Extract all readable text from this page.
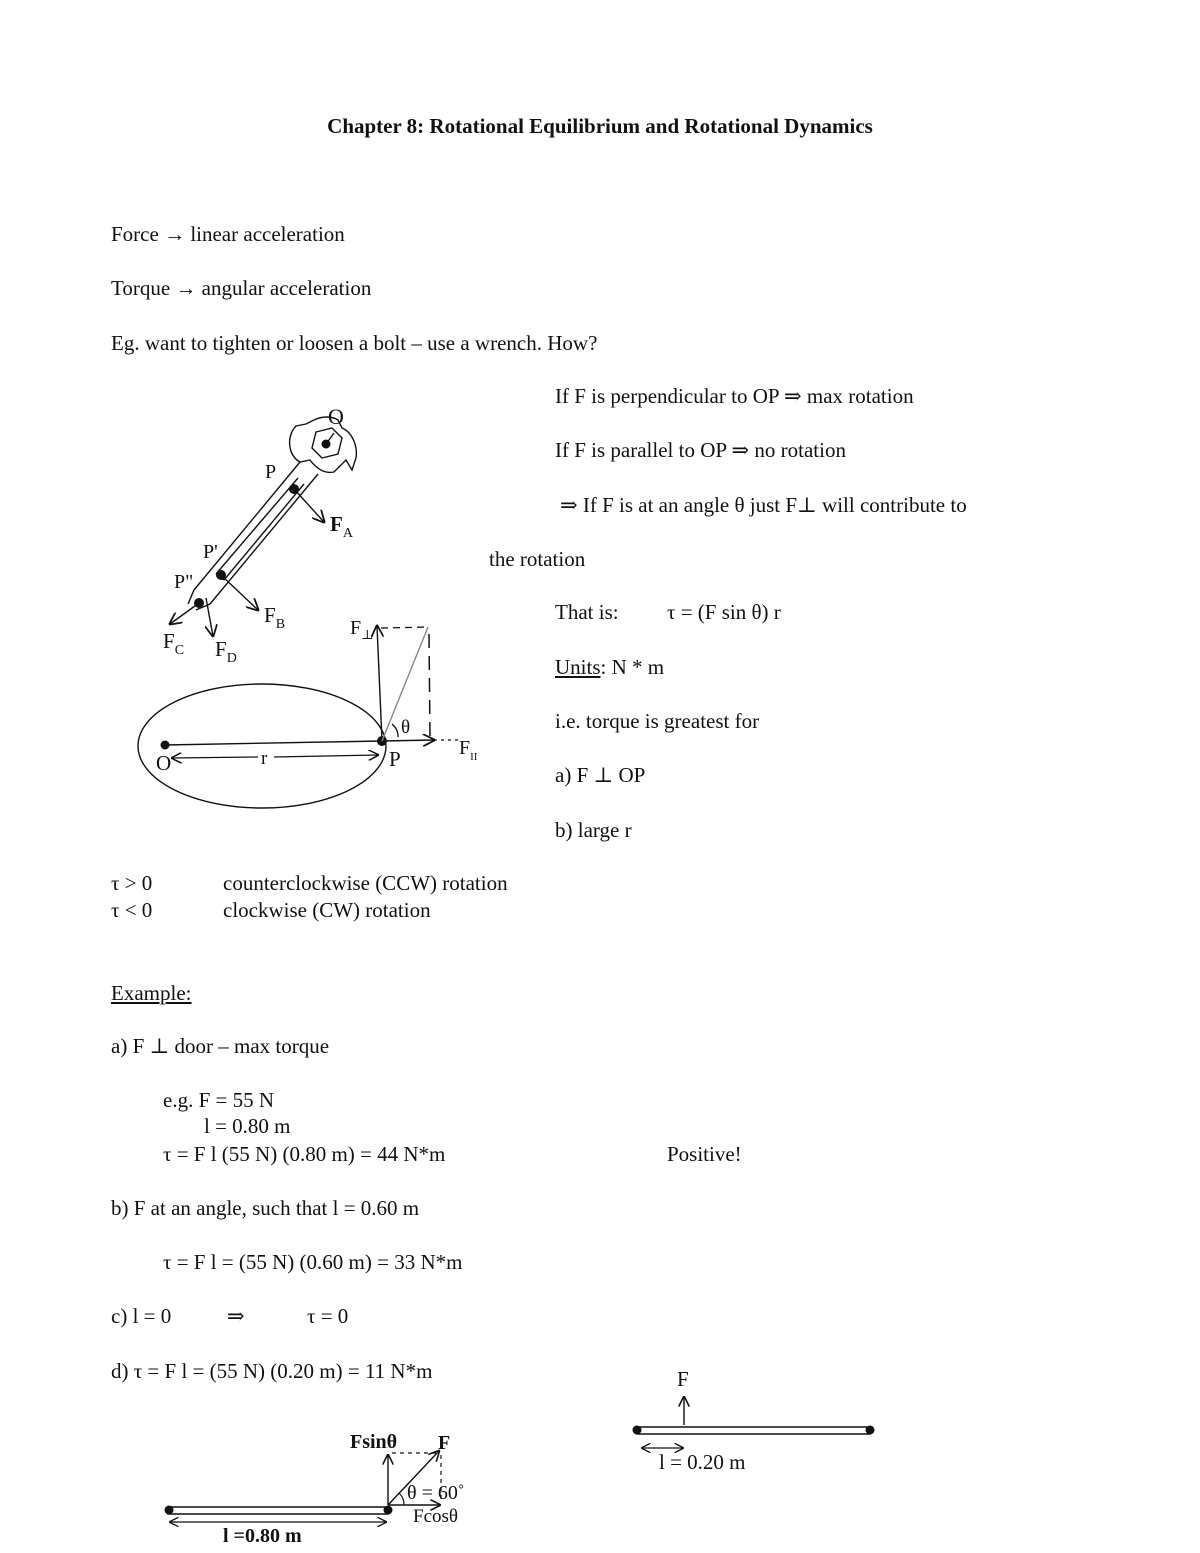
Chapter 8: Rotational Equilibrium and Rotational Dynamics
Force → linear acceleration
Torque → angular acceleration
Eg. want to tighten or loosen a bolt – use a wrench. How?
If F is perpendicular to OP ⇒ max rotation
If F is parallel to OP ⇒ no rotation
⇒ If F is at an angle θ just F⊥ will contribute to
the rotation
That is: τ = (F sin θ) r
Units: N * m
i.e. torque is greatest for
a) F ⊥ OP
b) large r
O
P
P'
P"
$F_A$
$F_B$
$F_C$ $F_D$
O	P
r
θ
$F_\perp$
$F_{II}$
τ > 0	counterclockwise (CCW) rotation
τ < 0	clockwise (CW) rotation
Example:
a) F ⊥ door – max torque
e.g. F = 55 N
l = 0.80 m
τ = F l (55 N) (0.80 m) = 44 N*m	Positive!
b) F at an angle, such that l = 0.60 m
τ = F l = (55 N) (0.60 m) = 33 N*m
c) l = 0	⇒	τ = 0
d) τ = F l = (55 N) (0.20 m) = 11 N*m
Fsinθ F
θ = 60˚
Fcosθ
l =0.80 m
F
l = 0.20 m
